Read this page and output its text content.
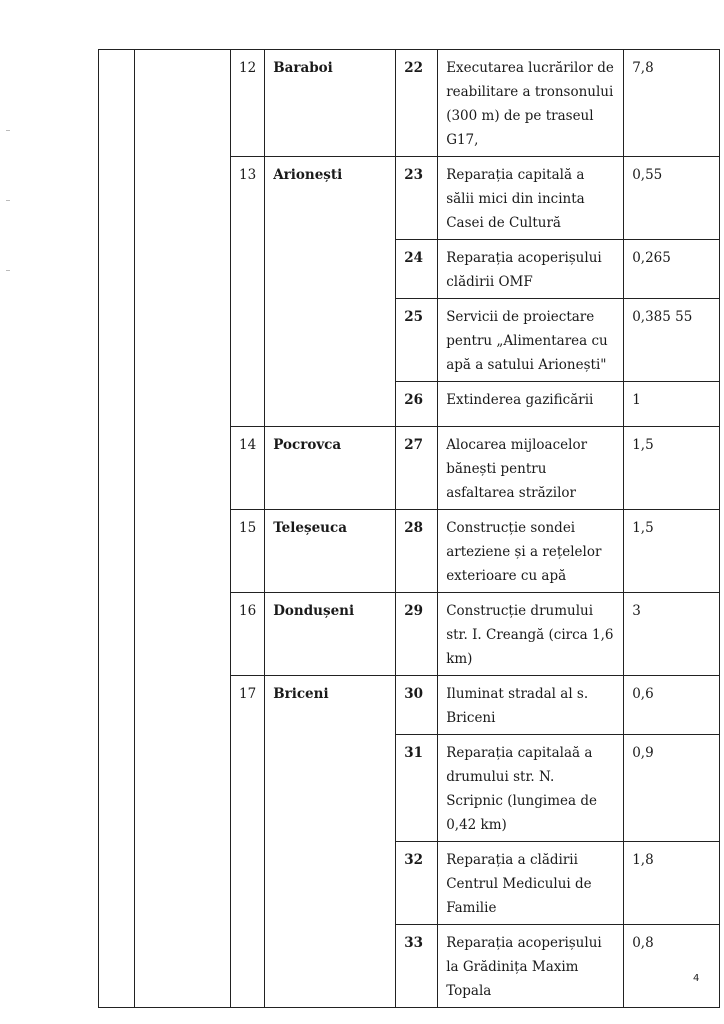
		12	Baraboi	22	Executarea lucrărilor de reabilitare a tronsonului (300 m) de pe traseul G17,	7,8
		13	Arionești	23	Reparația capitală a sălii mici din incinta Casei de Cultură	0,55
				24	Reparația acoperișului clădirii OMF	0,265
				25	Servicii de proiectare pentru „Alimentarea cu apă a satului Arionești"	0,385 55
				26	Extinderea gazificării	1
		14	Pocrovca	27	Alocarea mijloacelor bănești pentru asfaltarea străzilor	1,5
		15	Teleșeuca	28	Construcție sondei arteziene și a rețelelor exterioare cu apă	1,5
		16	Dondușeni	29	Construcție drumului str. I. Creangă (circa 1,6 km)	3
		17	Briceni	30	Iluminat stradal al s. Briceni	0,6
				31	Reparația capitalaă a drumului str. N. Scripnic (lungimea de 0,42 km)	0,9
				32	Reparația a clădirii Centrul Medicului de Familie	1,8
				33	Reparația acoperișului la Grădinița Maxim Topala	0,8
4
